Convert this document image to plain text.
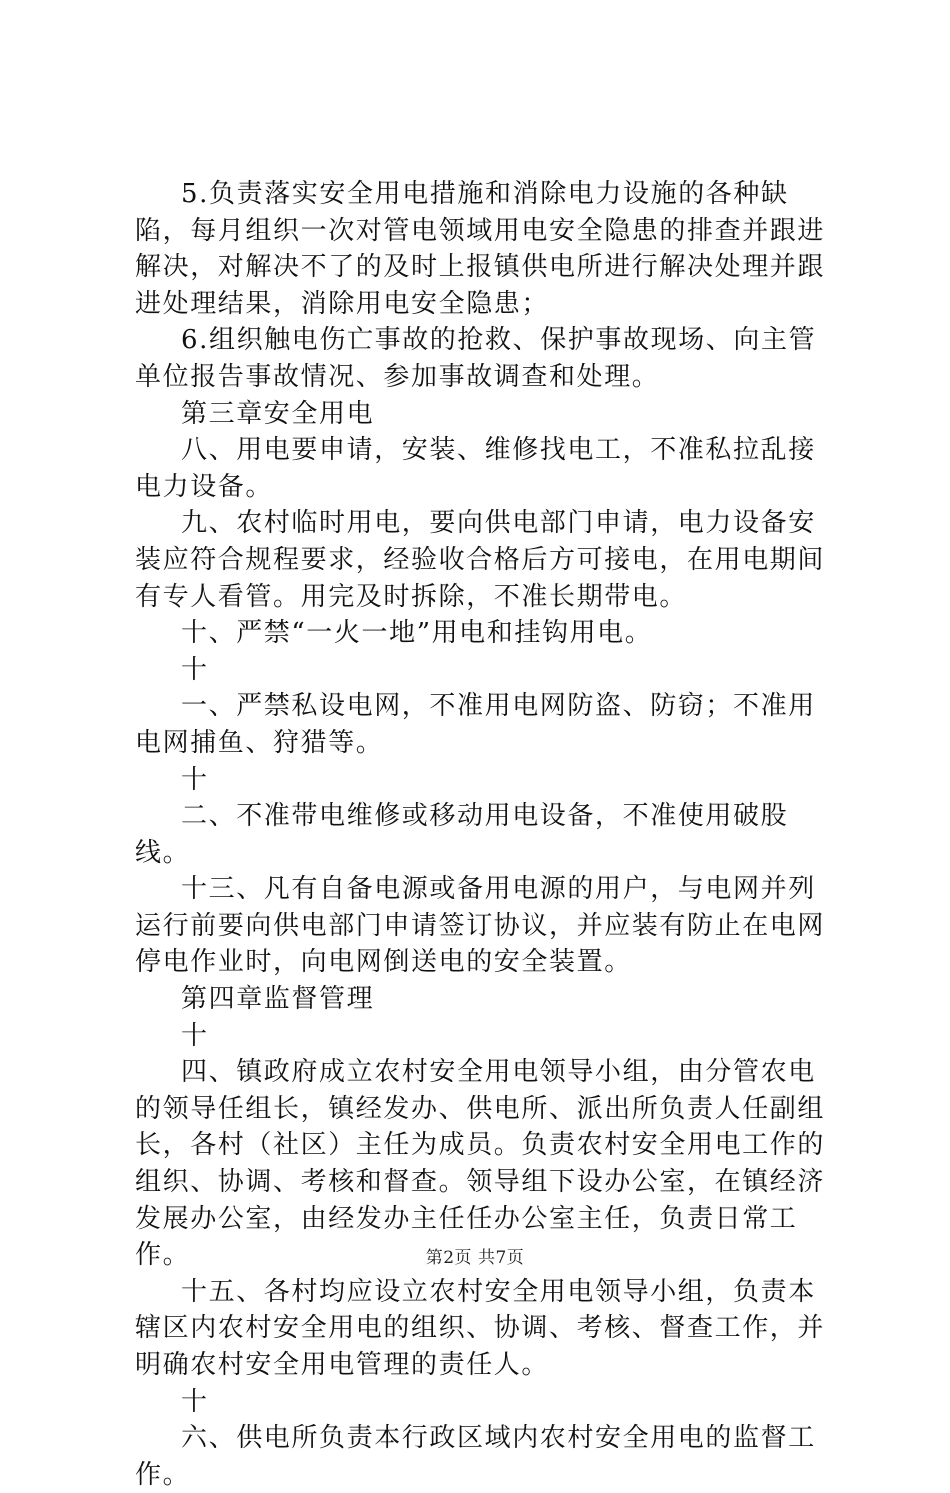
5.负责落实安全用电措施和消除电力设施的各种缺陷，每月组织一次对管电领域用电安全隐患的排查并跟进解决，对解决不了的及时上报镇供电所进行解决处理并跟进处理结果，消除用电安全隐患；

6.组织触电伤亡事故的抢救、保护事故现场、向主管单位报告事故情况、参加事故调查和处理。

第三章安全用电

八、用电要申请，安装、维修找电工，不准私拉乱接电力设备。

九、农村临时用电，要向供电部门申请，电力设备安装应符合规程要求，经验收合格后方可接电，在用电期间有专人看管。用完及时拆除，不准长期带电。

十、严禁“一火一地”用电和挂钩用电。

十

一、严禁私设电网，不准用电网防盗、防窃；不准用电网捕鱼、狩猎等。

十

二、不准带电维修或移动用电设备，不准使用破股线。

十三、凡有自备电源或备用电源的用户，与电网并列运行前要向供电部门申请签订协议，并应装有防止在电网停电作业时，向电网倒送电的安全装置。

第四章监督管理

十

四、镇政府成立农村安全用电领导小组，由分管农电的领导任组长，镇经发办、供电所、派出所负责人任副组长，各村（社区）主任为成员。负责农村安全用电工作的组织、协调、考核和督查。领导组下设办公室，在镇经济发展办公室，由经发办主任任办公室主任，负责日常工作。

十五、各村均应设立农村安全用电领导小组，负责本辖区内农村安全用电的组织、协调、考核、督查工作，并明确农村安全用电管理的责任人。

十

六、供电所负责本行政区域内农村安全用电的监督工作。

第2页 共7页
